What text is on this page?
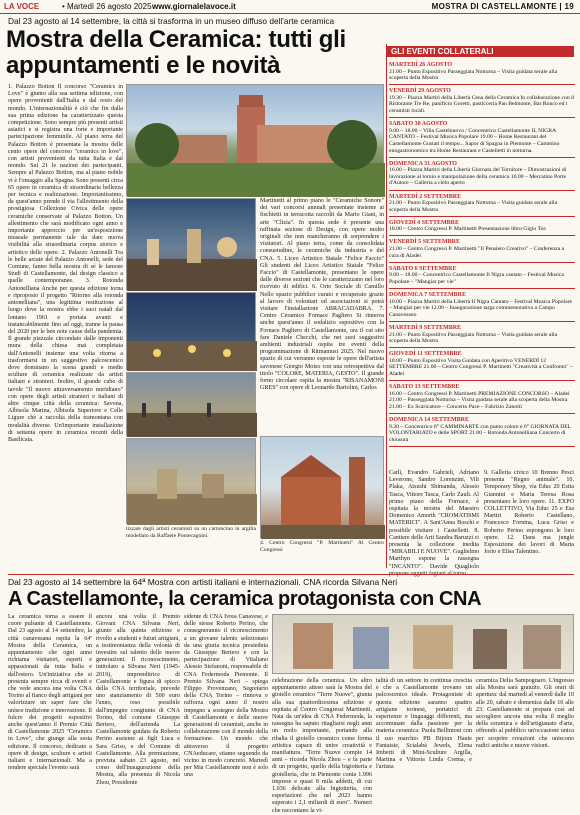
LA VOCE	• Martedì 26 agosto 2025 www.giornalelavoce.it	MOSTRA DI CASTELLAMONTE | 19
Dal 23 agosto al 14 settembre, la città si trasforma in un museo diffuso dell'arte ceramica
Mostra della Ceramica: tutti gli appuntamenti e le novità
1. Palazzo Botton Il concorso "Ceramics in Love" è giunto alla sua settima edizione, con opere provenienti dall'Italia e dal resto del mondo. L'internazionalità è ciò che fin dalla sua prima edizione ha caratterizzato questa competizione. Sono sempre più presenti artisti asiatici e si registra una forte e importante partecipazione femminile. Al piano terra del Palazzo Botton è presentata la mostra delle cento opere del concorso "ceramics in love", con artisti provenienti da tutta Italia e dal mondo. Sui 21 le nazioni dei partecipanti. Sempre al Palazzo Botton, ma al piano nobile vi è l'omaggio alla Spagna. Sono presenti circa 65 opere in ceramica di straordinaria bellezza per tecnica e realizzazione. Importantissimo, da quest'anno prende il via l'allestimento della prestigiosa Collezione Civica delle opere ceramiche conservate al Palazzo Botton. Un allestimento che sarà modificato ogni anno e importante approccio per un'esposizione museale permanente tale da dare nuova visibilità alla straordinaria corpus storico e artistico delle opere. 2. Palazzo Antonelli Tra le belle arcate del Palazzo Antonelli, sede del Comune, fanno bella mostra di sé le famose Studi di Castellamonte, dal design classico a quelle contemporanee. 3. Rotonda Antonelliana Anche per questa edizione torna e riproposto il progetto "Ritorno alla rotonda antonelliana", una legittima restituzione al luogo dove la mostra ebbe i suoi natali dal lontano 1961 e portata avanti e instancabilmente fino ad oggi, tranne la pausa del 2020 per le ben note cause della pandemia. Il grande piazzale circondato dalle imponenti mura della chiesa mai completata dall'Antonelli insieme una volta ritorna a trasformarsi in un suggestivo palcoscenico dove dominano la scena grandi e medie sculture di ceramica realizzate da artisti italiani e stranieri. Inoltre, il grande cubo di tavole "Il nuovo attraversamento meridiano" con opere degli artisti stranieri e italiani di altre cinque città della ceramica: Savona, Albisola Marina, Albisola Superiore e Celle Ligure che a raccolta della tramontana con modalità diverse. Un'importante installazione di settanta opere in ceramica recenti della Basilicata.
lizzate dagli artisti ceramisti su un cartoncino in argilla modellato da Raffaele Pontecagnini.
Martinetti al primo piano le "Ceramiche Sonore" dei vari concorsi annuali presentate insieme ai fischietti in terracotta raccolti da Mario Giani, in arte "Clizia". In questa sede è presente una raffinata sezione di Design, con opere molto originali che non mancheranno di sorprendere i visitatori. Al piano terra, come da consolidata consuetudine, le ceramiche da industria e del CNA. 5. Liceo Artistico Statale "Felice Faccio" Gli studenti del Liceo Artistico Statale "Felice Faccio" di Castellamonte, presentano le opere dalle diverse sezioni che le caratterizzano nel loro ricevuto di edifici. 6. Orto Sociale di Camillo Nello spazio pubblico curato e recuperato grazie al lavoro di volontari ed associazioni si potrà visitare l'installazione ABRACADABRA. 7. Centro Ceramico Fornace Pagliero Si rinnova anche quest'anno il sodalizio espositivo con la Fornace Pagliero di Castellamonte, ora il cui sito fare Daniele Checchi, che nei suoi suggestivi ambienti industriali ospita tre eventi della programmazione di Ritmamusi 2025. Nel nuovo spazio di cui verranno esposte le opere dell'artista savonese Giorgio Moiso con una retrospettiva dal titolo "COLORE, MATERIA, GESTO". Il grande forno circolare ospita la mostra "RISANAMONI GRES" con opere di Leonardo Bartolini, Carlos
4. Centro Congressi "P. Martinetti" Al Centro Congressi
GLI EVENTI COLLATERALI
MARTEDÌ 26 AGOSTO
21.00 – Punto Espositivo Passeggiata Notturna – Visita guidata serale alla scoperta della Mostra
VENERDÌ 29 AGOSTO
19.30 – Piazza Martiri della Libertà Cena della Ceramica In collaborazione con il Ristorante Tre Re, panificio Goretti, pasticceria Pan Belmonte, Bar Ronco ed i ceramisti locali.
SABATO 30 AGOSTO
9.00 – 18.00 – Villa Castelnuovo / Concentrico Castellamonte IL NIGRA CANTATO – Festival Musica Popolare 19.00 – Home Restaurant del Castellamonte Gustati il tempo... Sapor di Spagna in Piemonte – Cammino enogastronomico tra Home Restaurant e Castelletti in notturna.
DOMENICA 31 AGOSTO
16.00 – Piazza Martiri della Libertà Giornata del Tornitore – Dimostrazioni di lavorazione al tornio e manipolazione della ceramica 16.00 – Mercatino Porte d'Autore – Galleria a cielo aperto
MARTEDÌ 2 SETTEMBRE
21.00 – Punto Espositivo Passeggiata Notturna – Visita guidata serale alla scoperta della Mostra
GIOVEDÌ 4 SETTEMBRE
18.00 – Centro Congressi P. Martinetti Presentazione libro Gigio Tos
VENERDÌ 5 SETTEMBRE
21.00 – Centro Congressi P. Martinetti "Il Pensiero Creativo" – Conferenza a cura di Aladei
SABATO 6 SETTEMBRE
9.00 – 18.00 – Concentrico Castellamonte Il Nigra cantato – Festival Musica Popolare – "Mangiar per vie"
DOMENICA 7 SETTEMBRE
10.00 – Piazza Martiri della Libertà Il Nigra Cantato – Festival Musica Popolare – Mangiar per vie 12.00 – Inaugurazione targa commemorativa a Campo Canavesano
MARTEDÌ 9 SETTEMBRE
21.00 – Punto Espositivo Passeggiata Notturna – Visita guidata serale alla scoperta della Mostra
GIOVEDÌ 11 SETTEMBRE
18.00 – Punto Espositivo Visita Guidata con Aperitivo VENERDÌ 12 SETTEMBRE 21.00 – Centro Congressi P. Martinetti "Creatività a Confronto" – Aladei
SABATO 13 SETTEMBRE
16.00 – Centro Congressi P. Martinetti PREMIAZIONE CONCORSO – Aladei 21.00 – Passeggiata Notturna – Visita guidata serale alla scoperta della Mostra 21.00 – Ex Scaricatore – Concerto Pace – Fabrizio Zanotti
DOMENICA 14 SETTEMBRE
9.30 – Concentrico 8° CAMMINARTE con punto colore e 6° GIORNATA DEL VOLONTARIATO e delle SPORT 21.00 – Rotonda Antonelliana Concerto di chiusura
Carlì, Evandro Gabrieli, Adriano Leverone, Sandro Lorenzini, Vili Plaka, Atsushi Shimanda, Alessio Tasca, Vittore Tasca, Carlo Zauli. Al primo piano della Fornace, è ospitata la mostra del Maestro Domenico Amorth "CROMATISMI MATERICI". A Sant'Anna Boschi e possibile visitare i Castelletti. 8. Cantiere delle Arti Sandra Baruzzi ci presenta la collezione inedita "MIRABILI E NUOVE". Guglielmo Marthyn espone la rassegna "INCANTO". Davide Quagliolo propone oggetti fagiani al torno.
9. Galleria civico 10 Brenno Pesci presenta "Regno animale". 10. Temporary Shop, via Educ 20 Estia Giannini e Maria Teresa Rosa presentano le loro opere. 11. EXPO COLLETTIVO, Via Educ 25 e Esa Martiri Roberto Castellano, Francesco Fornina, Luca Griso e Roberto Perino espongono le loro opere. 12. Dans ma jungle Esposizione dei lavori di Marta Jorio e Elisa Talentino.
Dal 23 agosto al 14 settembre la 64ª Mostra con artisti italiani e internazionali. CNA ricorda Silvana Neri
A Castellamonte, la ceramica protagonista con CNA
La ceramica torna a essere il cuore pulsante di Castellamonte. Dal 23 agosto al 14 settembre, la città canavesana ospita la 64ª Mostra della Ceramica, un appuntamento che ogni anno richiama visitatori, esperti e appassionati da tutta Italia e dall'estero. Un'iniziativa che si presenta sempre ricca di eventi e che vede ancora una volta CNA Torino al fianco degli artigiani per valorizzare un saper fare che unisce tradizione e innovazione. Il fulcro dei progetti espositivi anche quest'anno il Premio Città di Castellamonte 2025 "Ceramics in Love", che giunge alla sesta edizione. Il concorso, dedicato a opere di design, sculture e artisti italiani e internazionali. Ma a rendere speciale l'evento sarà
ancora una volta il Premio Giovani CNA Silvana Neri, giunto alla quinta edizione e rivolto a studenti e futuri artigiani, a testimonianza della volontà di investire sul talento delle nuove generazioni. Il riconoscimento, intitolato a Silvana Neri (1945-2019), imprenditrice di Castellamonte e figura di spicco della CNA territoriale, prevede uno stanziamento di 500 euro l'anno, reso possibile dall'impegno congiunto di CNA Torino, del comune Giuseppe Bertero, dell'azienda La Castellamonte guidata da Roberto Perino assieme ai figli Luca e Sara Griso, e del Comune di Castellamonte. Alla premiazione, prevista sabato 23 agosto, nel corso dell'inaugurazione della Mostra, alla presenza di Nicola Zhou, Presidente
sidente di CNA Ivrea Canavese, e delle stesse Roberto Perino, che consegneranno il riconoscimento a un giovane talento selezionato da una giuria tecnica presieduta da Giuseppe Bertero e con la partecipazione di Vitaliano Alessio Stefanoni, responsabile di CNA Federmoda Piemonte. Il Premio Silvana Neri – spiega Filippo Provenzano, Segretario della CNA Torino – rinnova e rafforza ogni anno il nostro impegno a sostegno della Mostra di Castellamonte e delle nuove generazioni di ceramisti, anche in collaborazione con il mondo della formazione. Un mondo che attraverso il progetto CNAeducare, stiamo seguendo da vicino in modo concreto. Martedì per Mia Castellamonte non è solo una
celebrazione della ceramica. Un altro appuntamento atteso sarà la Mostra del gioiello ceramico "Terre Nuove", giunta alla sua quattordicesima edizione e ospitata al Centro Congressi Martinetti. Nata da un'idea di CNA Federmoda, la rassegna ha saputo ritagliarsi negli anni un ruolo importante, portando alla ribalta il gioiello ceramico come forma artistica capace di unire creatività e manifattura. "Terre Nuove compie 14 anni – ricorda Nicola Zhou – e fa parte di un progetto, quello della bigiotteria e gioielleria, che in Piemonte conta 1.996 imprese e quasi 8 mila addetti, di cui 1.036 delicate alla bigiotteria, con esportazioni che nel 2023 hanno superato i 2,1 miliardi di euro". Numeri che raccontano la vi-
talità di un settore in continua crescita e che a Castellamonte trovano un palcoscenico ideale. Protagoniste di questa edizione saranno quattro artigiane torinesi, portatrici di esperienze e linguaggi differenti, ma accomunate dalla passione per la materia ceramica: Paola Bellimoni con il suo marchio PB Bijoux Haute Fantaisie, Scialabà Jewels, Elena Imberti di Mini-Sculture Argilla, Martina e Vittoria Linda Crema, e l'artista
ceramica Delia Sampognaro. L'ingresso alla Mostra sarà gratuito. Gli orari di apertura: dal martedì al venerdì dalle 10 alle 20, sabato e domenica dalle 10 alle 23. Castellamonte si prepara così ad accogliere ancora una volta il meglio della ceramica e dell'artigianato d'arte, offrendo al pubblico un'occasione unica per scoprire creazioni che uniscono radici antiche e nuove visioni.
